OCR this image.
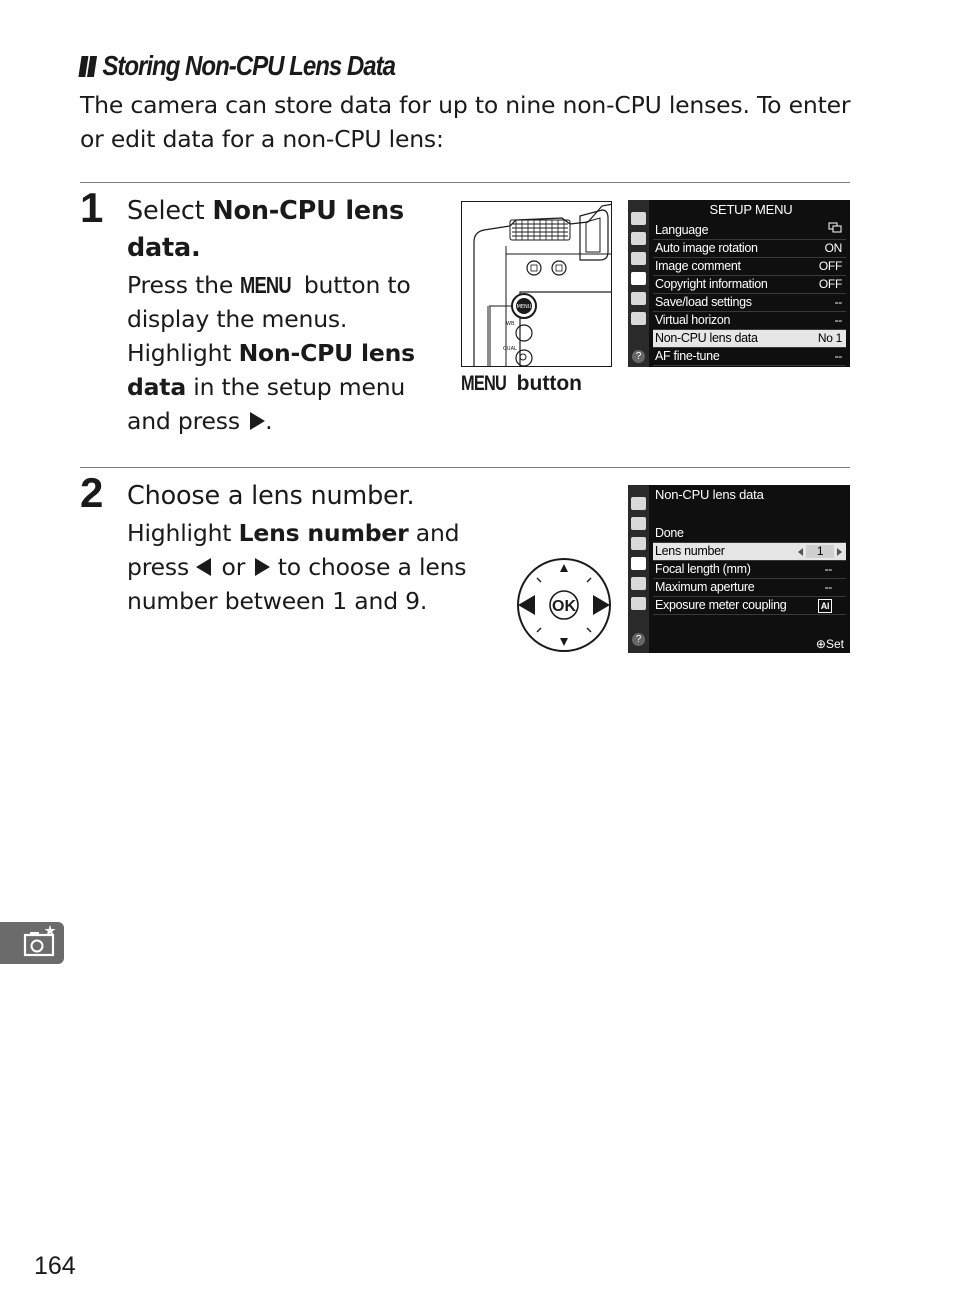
Storing Non-CPU Lens Data
The camera can store data for up to nine non-CPU lenses. To enter or edit data for a non-CPU lens:
1 Select Non-CPU lens data.
Press the MENU button to display the menus. Highlight Non-CPU lens data in the setup menu and press .
MENU
WB
QUAL
MENU button
?
SETUP MENU
Language
Auto image rotation	ON
Image comment	OFF
Copyright information	OFF
Save/load settings	--
Virtual horizon	--
Non-CPU lens data	No 1
AF fine-tune	--
2 Choose a lens number.
Highlight Lens number and press  or  to choose a lens number between 1 and 9.	OK
?
Non-CPU lens data
Done
Lens number	1
Focal length (mm)	--
Maximum aperture	--
Exposure meter coupling	AI
⊕Set
164
